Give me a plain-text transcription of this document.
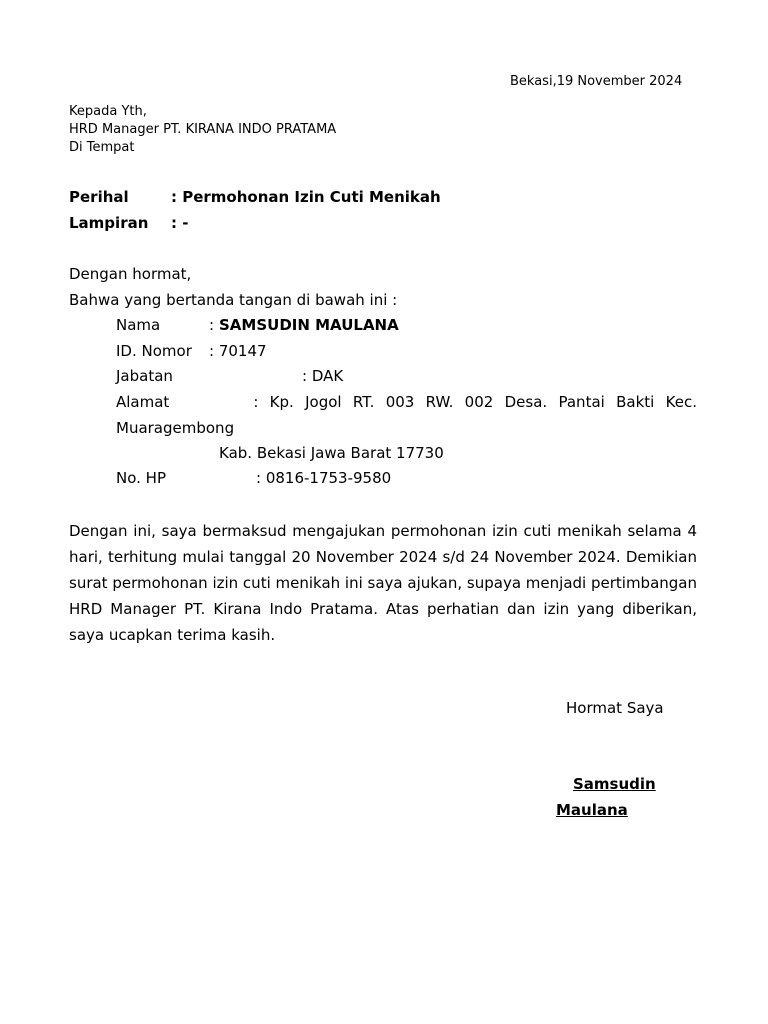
Bekasi,19 November 2024
Kepada Yth,
HRD Manager PT. KIRANA INDO PRATAMA
Di Tempat
Perihal	: Permohonan Izin Cuti Menikah
Lampiran : -
Dengan hormat,
Bahwa yang bertanda tangan di bawah ini :
Nama	: SAMSUDIN MAULANA
ID. Nomor : 70147
Jabatan	: DAK
Alamat	: Kp. Jogol RT. 003 RW. 002 Desa. Pantai Bakti Kec.
Muaragembong
Kab. Bekasi Jawa Barat 17730
No. HP	: 0816-1753-9580
Dengan ini, saya bermaksud mengajukan permohonan izin cuti menikah selama 4 hari, terhitung mulai tanggal 20 November 2024 s/d 24 November 2024. Demikian surat permohonan izin cuti menikah ini saya ajukan, supaya menjadi pertimbangan HRD Manager PT. Kirana Indo Pratama. Atas perhatian dan izin yang diberikan, saya ucapkan terima kasih.
Hormat Saya
Samsudin
Maulana
